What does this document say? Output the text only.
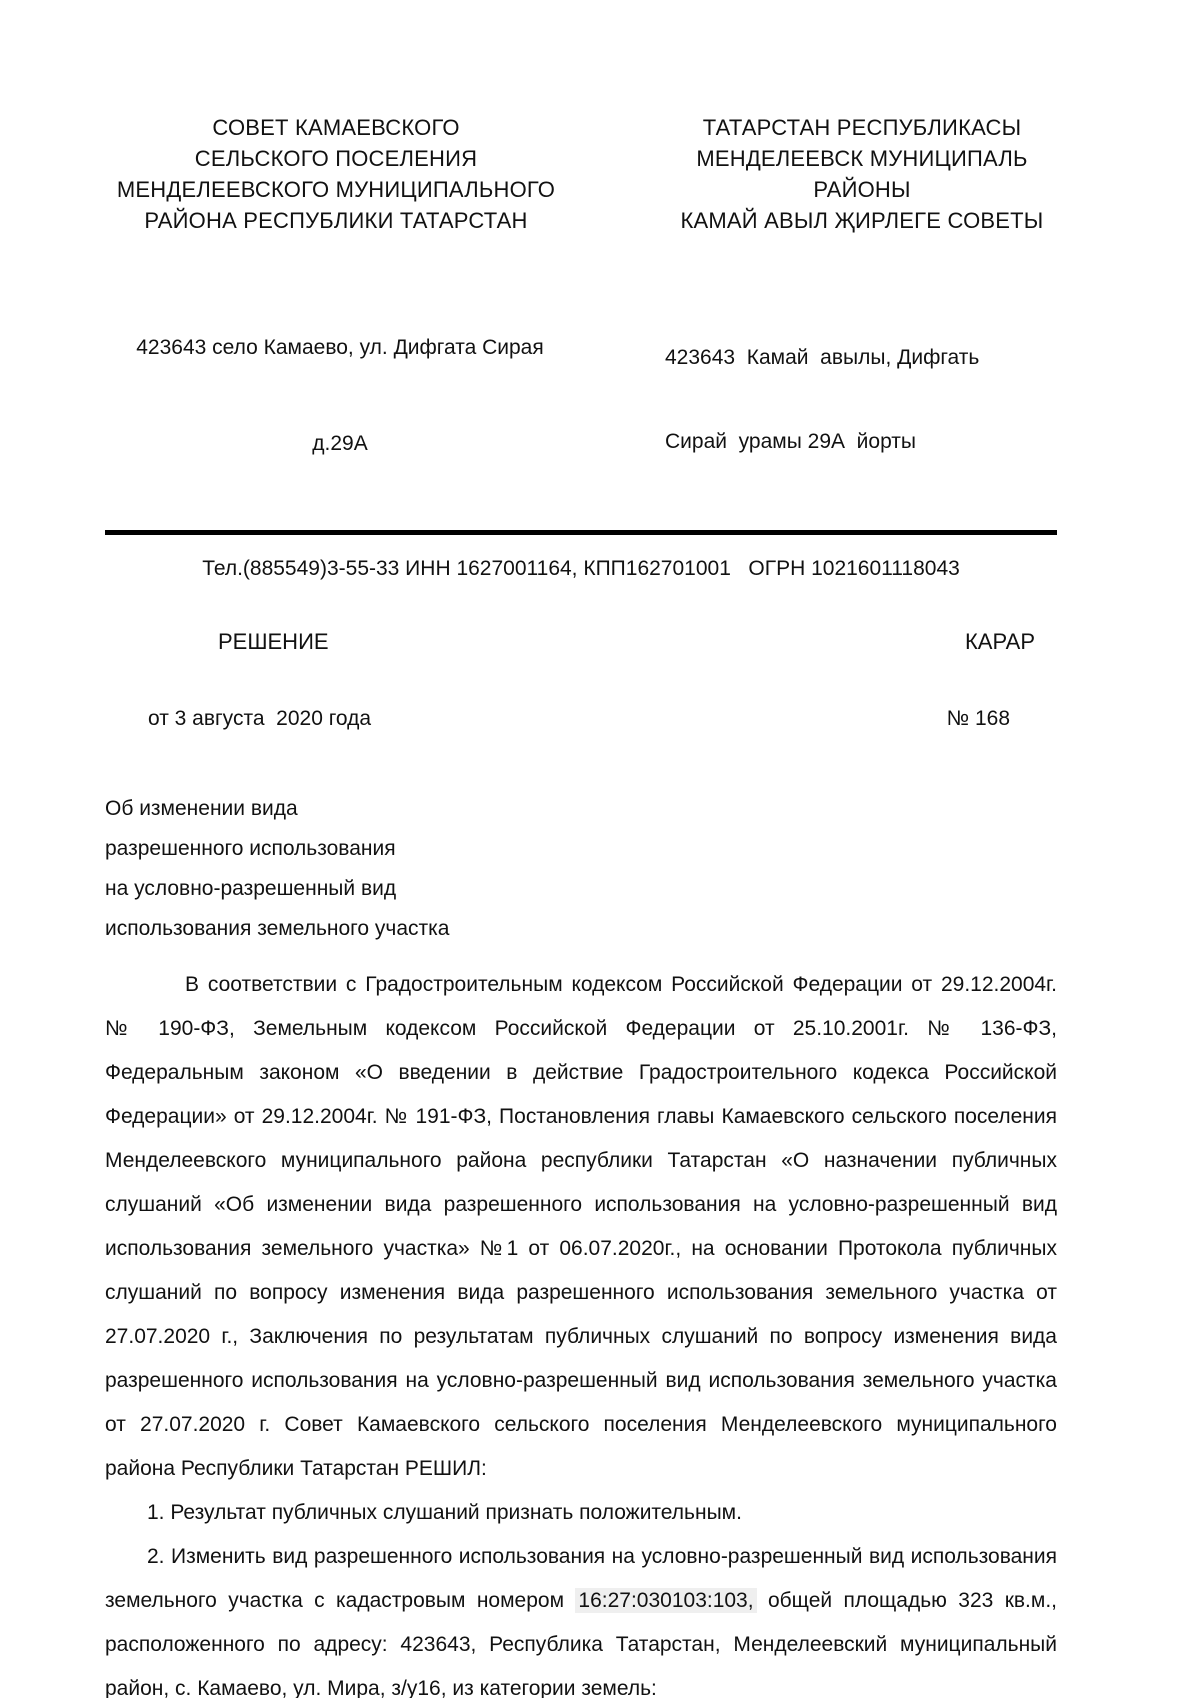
СОВЕТ КАМАЕВСКОГО
СЕЛЬСКОГО ПОСЕЛЕНИЯ
МЕНДЕЛЕЕВСКОГО МУНИЦИПАЛЬНОГО
РАЙОНА РЕСПУБЛИКИ ТАТАРСТАН
ТАТАРСТАН РЕСПУБЛИКАСЫ
МЕНДЕЛЕЕВСК МУНИЦИПАЛЬ
РАЙОНЫ
КАМАЙ АВЫЛ ҖИРЛЕГЕ СОВЕТЫ

423643 село Камаево, ул. Дифгата Сирая

д.29А

423643  Камай  авылы, Дифгать

Сирай  урамы 29А  йорты

Тел.(885549)3-55-33 ИНН 1627001164, КПП162701001   ОГРН 1021601118043
РЕШЕНИЕ	КАРАР
от 3 августа  2020 года	№ 168
Об изменении вида
разрешенного использования
на условно-разрешенный вид
использования земельного участка

В соответствии с Градостроительным кодексом Российской Федерации от 29.12.2004г. № 190-ФЗ, Земельным кодексом Российской Федерации от 25.10.2001г. № 136-ФЗ, Федеральным законом «О введении в действие Градостроительного кодекса Российской Федерации» от 29.12.2004г. № 191-ФЗ, Постановления главы Камаевского сельского поселения Менделеевского муниципального района республики Татарстан «О назначении публичных слушаний «Об изменении вида разрешенного использования на условно-разрешенный вид использования земельного участка» №1 от 06.07.2020г., на основании Протокола публичных слушаний по вопросу изменения вида разрешенного использования земельного участка от 27.07.2020 г., Заключения по результатам публичных слушаний по вопросу изменения вида разрешенного использования на условно-разрешенный вид использования земельного участка от 27.07.2020 г. Совет Камаевского сельского поселения Менделеевского муниципального района Республики Татарстан РЕШИЛ:

1. Результат публичных слушаний признать положительным.

2. Изменить вид разрешенного использования на условно-разрешенный вид использования земельного участка с кадастровым номером 16:27:030103:103, общей площадью 323 кв.м., расположенного по адресу: 423643, Республика Татарстан, Менделеевский муниципальный район, с. Камаево, ул. Мира, з/у16, из категории земель:
